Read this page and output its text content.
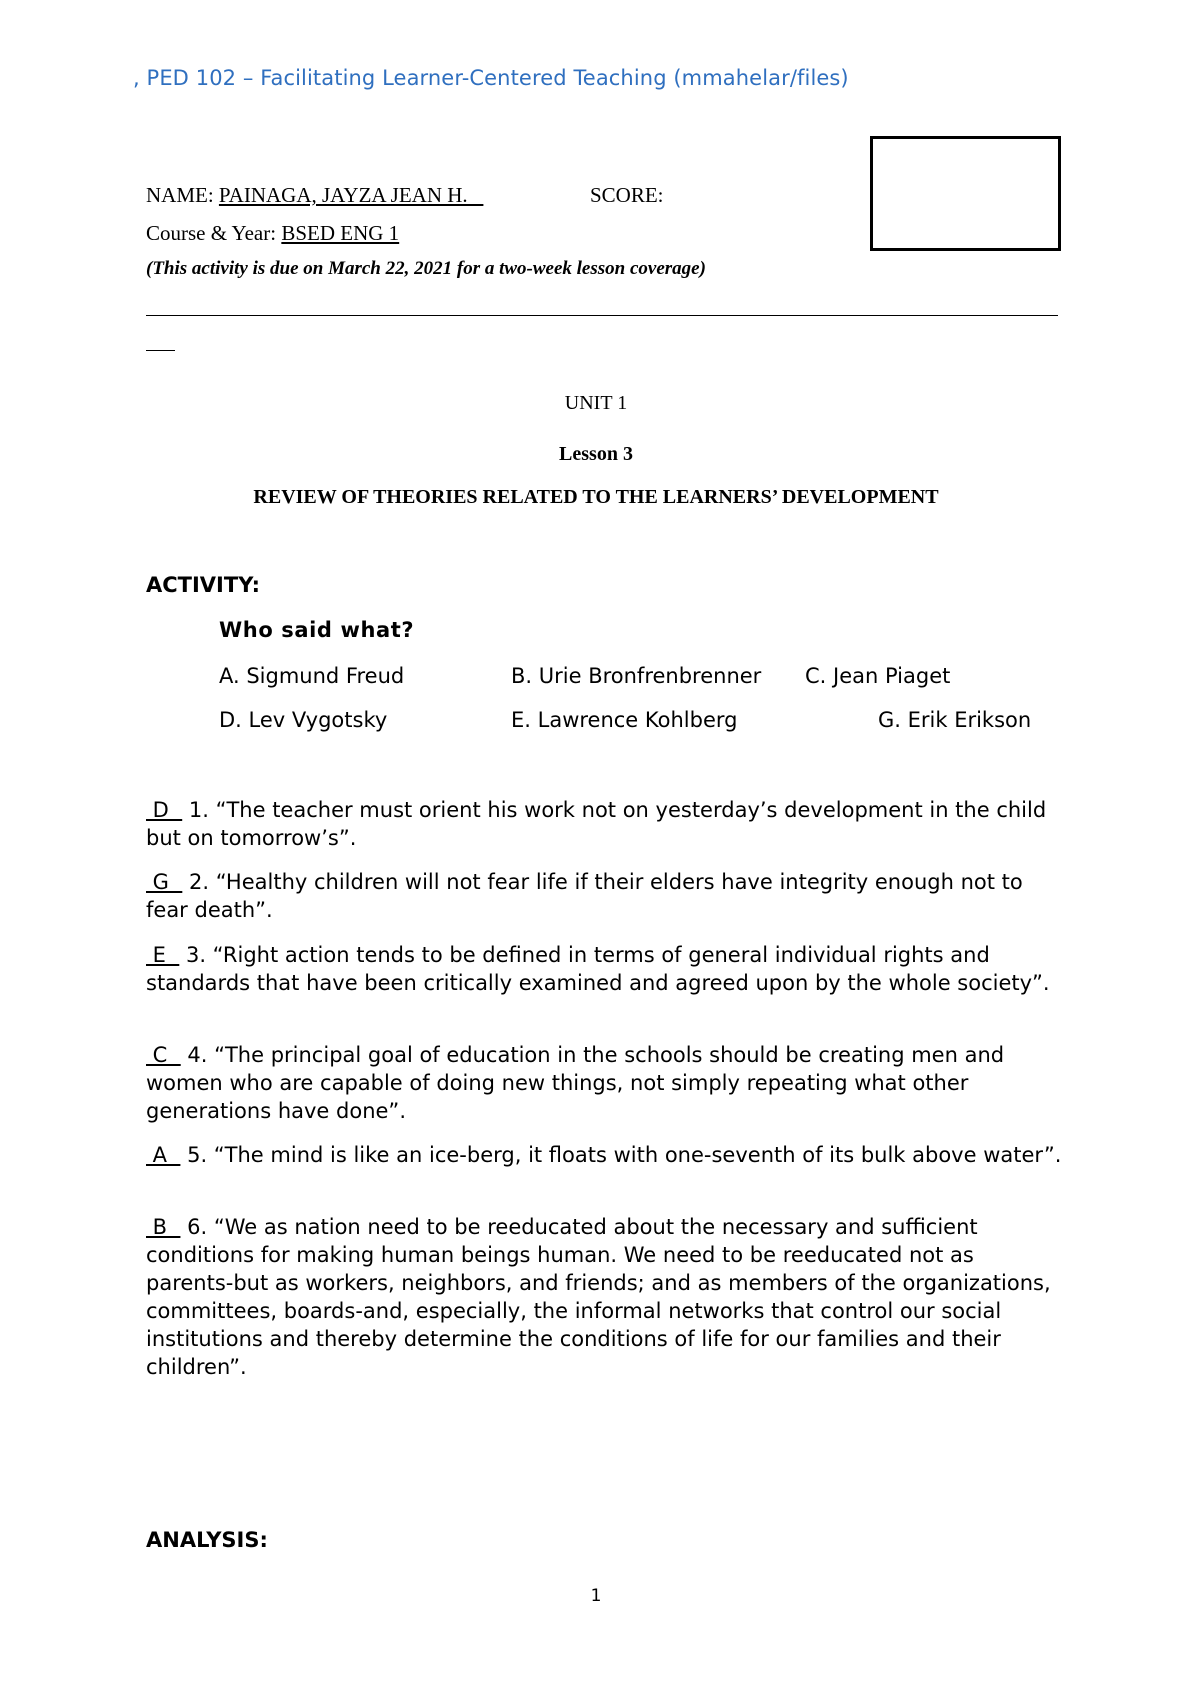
, PED 102 – Facilitating Learner-Centered Teaching (mmahelar/files)
NAME: PAINAGA, JAYZA JEAN H.	SCORE:
Course & Year: BSED ENG 1
(This activity is due on March 22, 2021 for a two-week lesson coverage)
UNIT 1
Lesson 3
REVIEW OF THEORIES RELATED TO THE LEARNERS’ DEVELOPMENT
ACTIVITY:
Who said what?
A. Sigmund Freud	B. Urie Bronfrenbrenner C. Jean Piaget
D. Lev Vygotsky	E. Lawrence Kohlberg	G. Erik Erikson
D   1. “The teacher must orient his work not on yesterday’s development in the child but on tomorrow’s”.
G   2. “Healthy children will not fear life if their elders have integrity enough not to fear death”.
E   3. “Right action tends to be defined in terms of general individual rights and standards that have been critically examined and agreed upon by the whole society”.
C   4. “The principal goal of education in the schools should be creating men and women who are capable of doing new things, not simply repeating what other generations have done”.
A   5. “The mind is like an ice-berg, it floats with one-seventh of its bulk above water”.
B   6. “We as nation need to be reeducated about the necessary and sufficient conditions for making human beings human. We need to be reeducated not as parents-but as workers, neighbors, and friends; and as members of the organizations, committees, boards-and, especially, the informal networks that control our social institutions and thereby determine the conditions of life for our families and their children”.
ANALYSIS:
1
